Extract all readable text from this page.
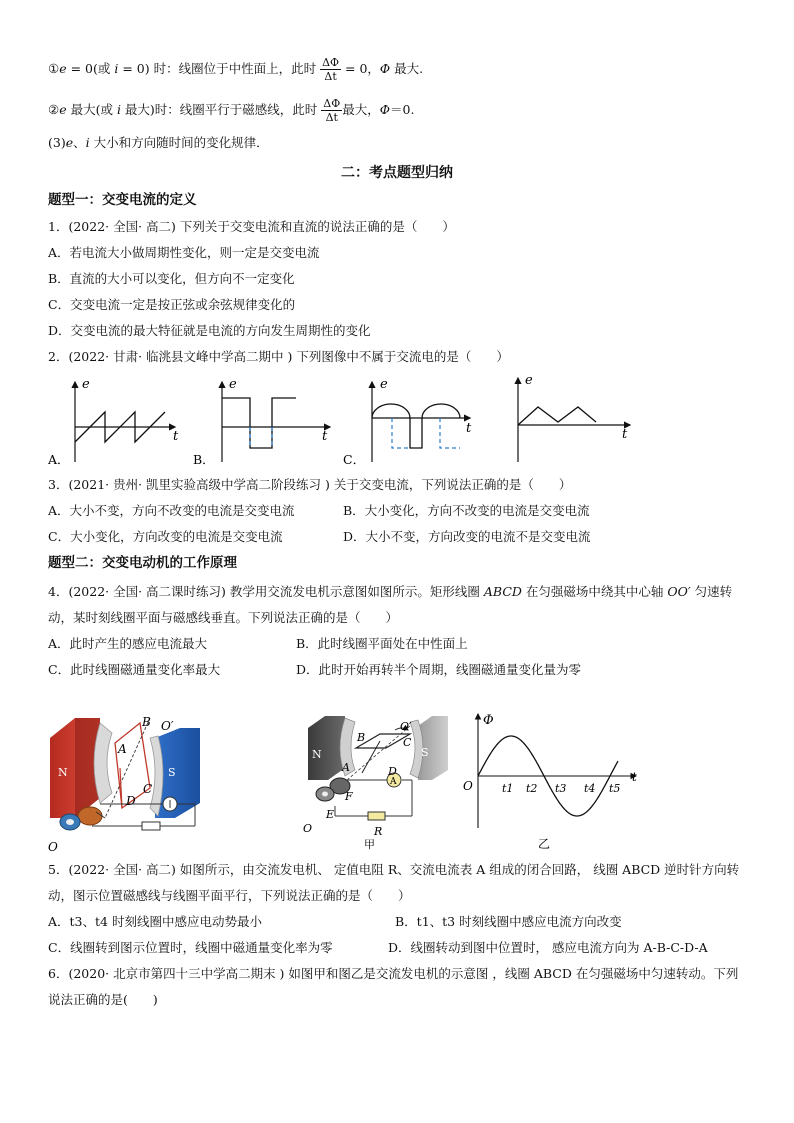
①e = 0(或 i = 0) 时：线圈位于中性面上，此时 $\frac{\Delta\Phi}{\Delta t} = 0$，Φ 最大.
②e 最大(或 i 最大)时：线圈平行于磁感线，此时 $\frac{\Delta\Phi}{\Delta t}$ 最大，Φ＝0.
(3)e、i 大小和方向随时间的变化规律．
二：考点题型归纳
题型一：交变电流的定义
1．(2022· 全国· 高二) 下列关于交变电流和直流的说法正确的是（　　）
A．若电流大小做周期性变化，则一定是交变电流
B．直流的大小可以变化，但方向不一定变化
C．交变电流一定是按正弦或余弦规律变化的
D．交变电流的最大特征就是电流的方向发生周期性的变化
2．(2022· 甘肃· 临洮县文峰中学高二期中 ) 下列图像中不属于交流电的是（　　）
e
t
A．
e
t
B．
e
t
C．
e
t
3．(2021· 贵州· 凯里实验高级中学高二阶段练习 ) 关于交变电流，下列说法正确的是（　　）
A．大小不变，方向不改变的电流是交变电流	B．大小变化，方向不改变的电流是交变电流
C．大小变化，方向改变的电流是交变电流	D．大小不变，方向改变的电流不是交变电流
题型二：交变电动机的工作原理
4．(2022· 全国· 高二课时练习) 教学用交流发电机示意图如图所示。矩形线圈 ABCD 在匀强磁场中绕其中心轴 OO′ 匀速转
动，某时刻线圈平面与磁感线垂直。下列说法正确的是（　　）
A．此时产生的感应电流最大	B．此时线圈平面处在中性面上
C．此时线圈磁通量变化率最大	D．此时开始再转半个周期，线圈磁通量变化量为零
N	S
B O′
A
C
D
O
N	S
A
R
O′
B	C
A	D
F
E
O
甲
Φ
O
t
t1 t2 t3 t4 t5
乙
5．(2022· 全国· 高二) 如图所示，由交流发电机、 定值电阻 R、交流电流表 A 组成的闭合回路， 线圈 ABCD 逆时针方向转
动，图示位置磁感线与线圈平面平行，下列说法正确的是（　　）
A．t3、t4 时刻线圈中感应电动势最小	B．t1、t3 时刻线圈中感应电流方向改变
C．线圈转到图示位置时，线圈中磁通量变化率为零	D．线圈转动到图中位置时， 感应电流方向为 A-B-C-D-A
6．(2020· 北京市第四十三中学高二期末 ) 如图甲和图乙是交流发电机的示意图 ，线圈 ABCD 在匀强磁场中匀速转动。下列
说法正确的是(　　)
